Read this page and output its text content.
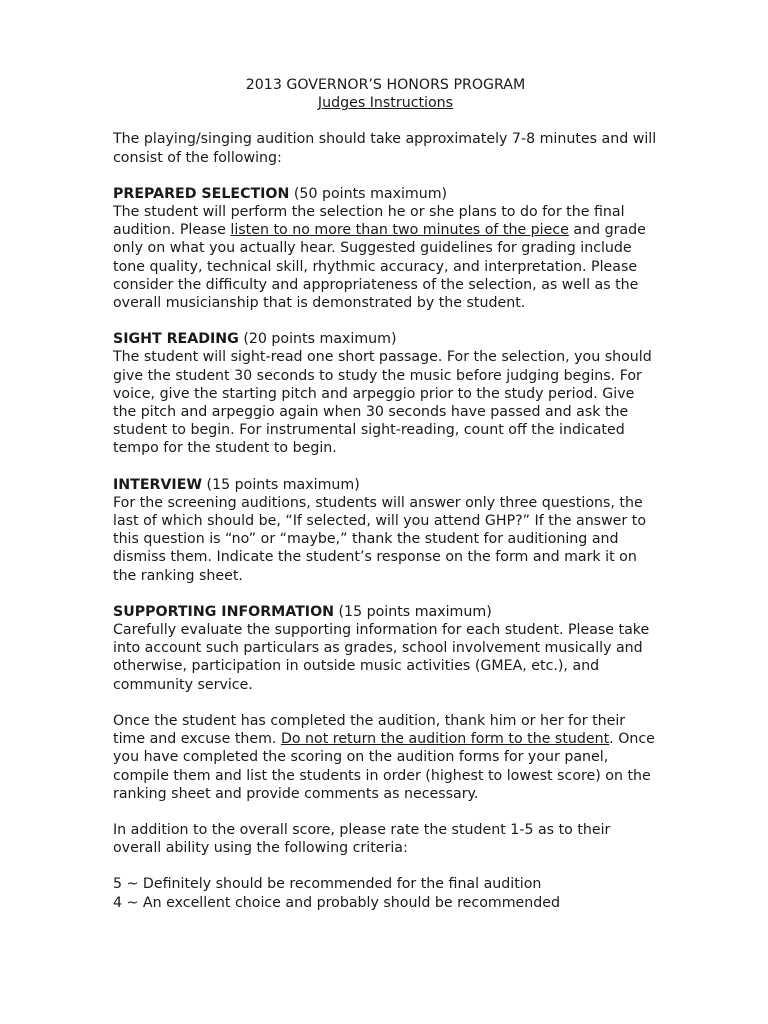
2013 GOVERNOR’S HONORS PROGRAM

Judges Instructions

The playing/singing audition should take approximately 7-8 minutes and will consist of the following:

PREPARED SELECTION (50 points maximum)

The student will perform the selection he or she plans to do for the final audition. Please listen to no more than two minutes of the piece and grade only on what you actually hear. Suggested guidelines for grading include tone quality, technical skill, rhythmic accuracy, and interpretation. Please consider the difficulty and appropriateness of the selection, as well as the overall musicianship that is demonstrated by the student.

SIGHT READING (20 points maximum)

The student will sight-read one short passage. For the selection, you should give the student 30 seconds to study the music before judging begins. For voice, give the starting pitch and arpeggio prior to the study period. Give the pitch and arpeggio again when 30 seconds have passed and ask the student to begin. For instrumental sight-reading, count off the indicated tempo for the student to begin.

INTERVIEW (15 points maximum)

For the screening auditions, students will answer only three questions, the last of which should be, “If selected, will you attend GHP?” If the answer to this question is “no” or “maybe,” thank the student for auditioning and dismiss them. Indicate the student’s response on the form and mark it on the ranking sheet.

SUPPORTING INFORMATION (15 points maximum)

Carefully evaluate the supporting information for each student. Please take into account such particulars as grades, school involvement musically and otherwise, participation in outside music activities (GMEA, etc.), and community service.

Once the student has completed the audition, thank him or her for their time and excuse them. Do not return the audition form to the student. Once you have completed the scoring on the audition forms for your panel, compile them and list the students in order (highest to lowest score) on the ranking sheet and provide comments as necessary.

In addition to the overall score, please rate the student 1-5 as to their overall ability using the following criteria:

5 ~ Definitely should be recommended for the final audition

4 ~ An excellent choice and probably should be recommended
